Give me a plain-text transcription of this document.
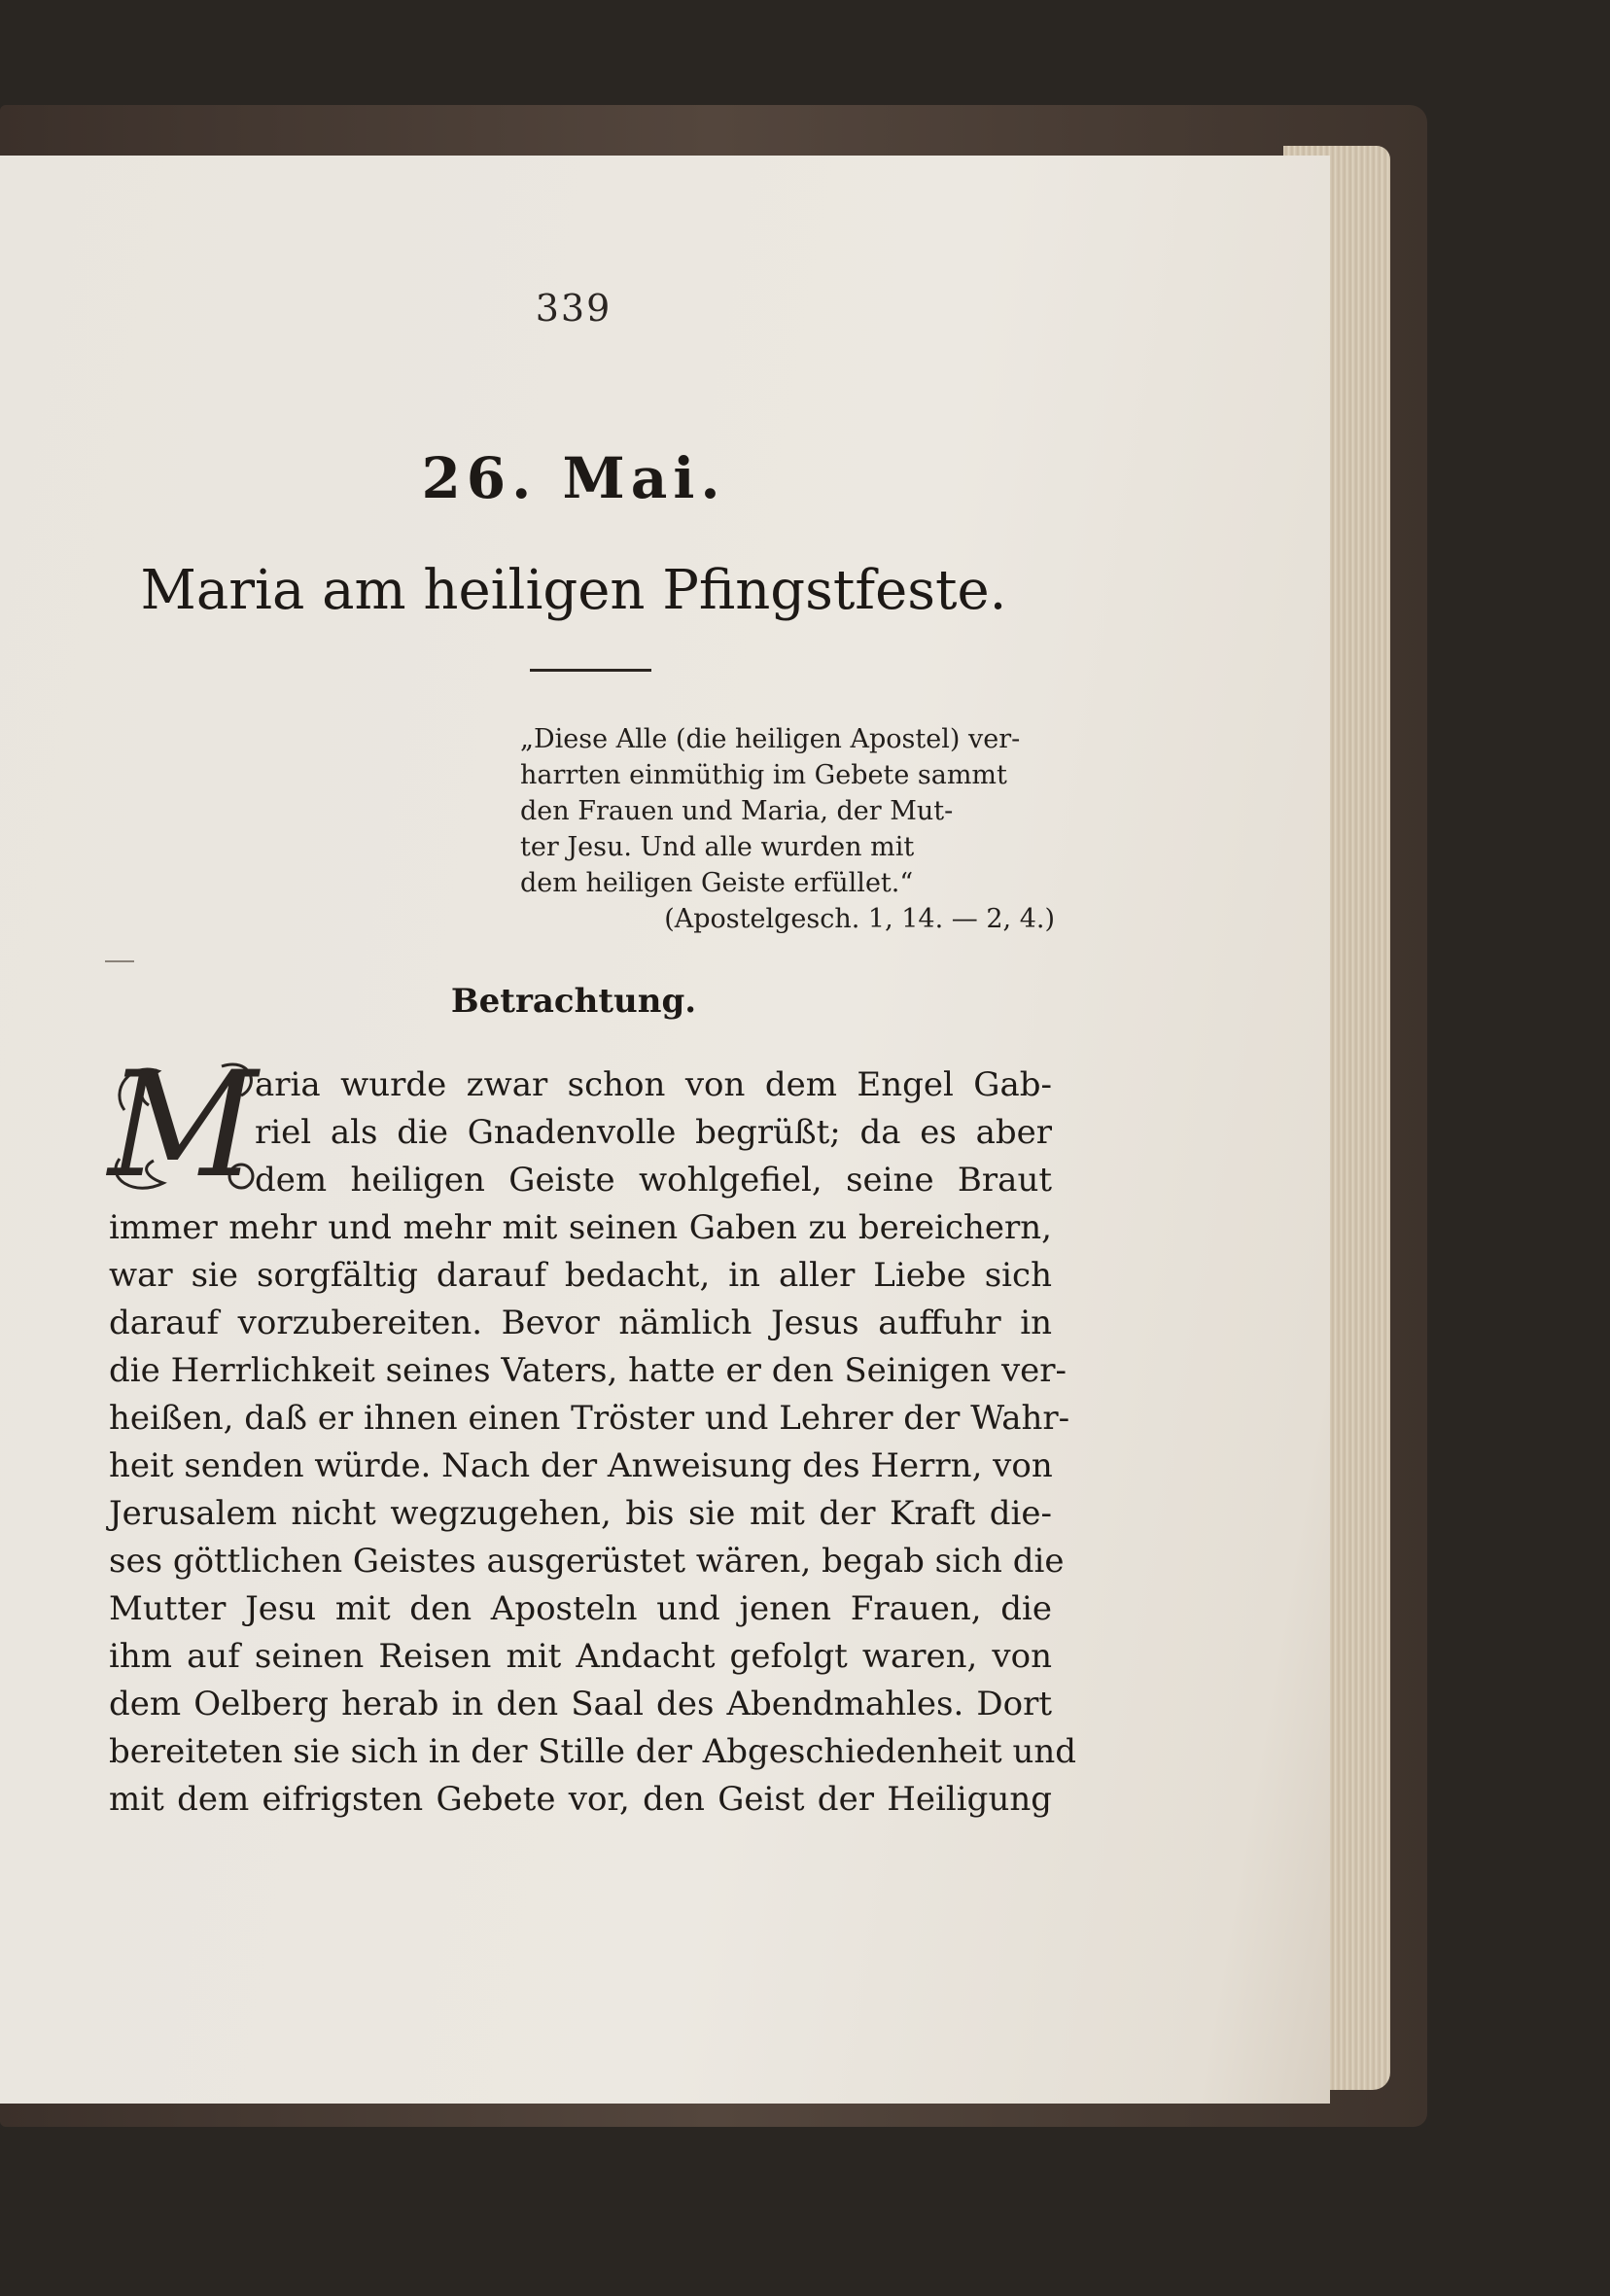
339
26. Mai.
Maria am heiligen Pfingstfeste.
„Diese Alle (die heiligen Apostel) ver-
harrten einmüthig im Gebete sammt
den Frauen und Maria, der Mut-
ter Jesu. Und alle wurden mit
dem heiligen Geiste erfüllet.“
(Apostelgesch. 1, 14. — 2, 4.)
Betrachtung.
M
aria wurde zwar schon von dem Engel Gab-
riel als die Gnadenvolle begrüßt; da es aber
dem heiligen Geiste wohlgefiel, seine Braut
immer mehr und mehr mit seinen Gaben zu bereichern,
war sie sorgfältig darauf bedacht, in aller Liebe sich
darauf vorzubereiten. Bevor nämlich Jesus auffuhr in
die Herrlichkeit seines Vaters, hatte er den Seinigen ver-
heißen, daß er ihnen einen Tröster und Lehrer der Wahr-
heit senden würde. Nach der Anweisung des Herrn, von
Jerusalem nicht wegzugehen, bis sie mit der Kraft die-
ses göttlichen Geistes ausgerüstet wären, begab sich die
Mutter Jesu mit den Aposteln und jenen Frauen, die
ihm auf seinen Reisen mit Andacht gefolgt waren, von
dem Oelberg herab in den Saal des Abendmahles. Dort
bereiteten sie sich in der Stille der Abgeschiedenheit und
mit dem eifrigsten Gebete vor, den Geist der Heiligung
